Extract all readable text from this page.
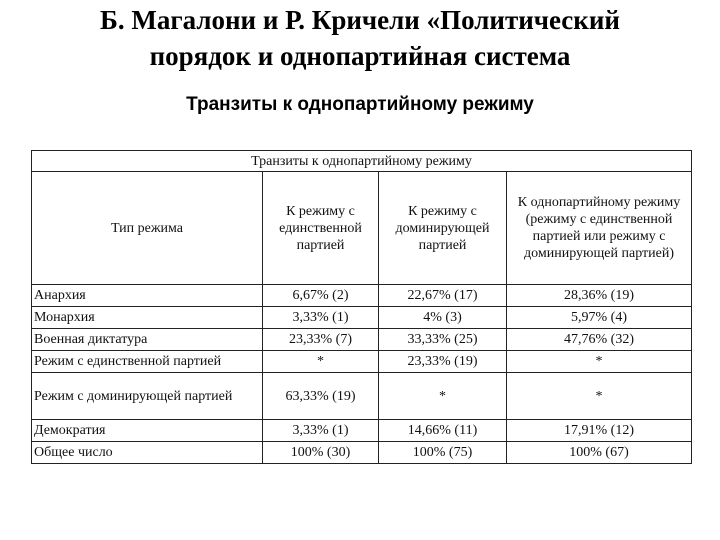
Б. Магалони и Р. Кричели «Политический
порядок и однопартийная система
Транзиты к однопартийному режиму
Транзиты к однопартийному режиму			
Тип режима	К режиму с единственной партией	К режиму с доминирующей партией	К однопартийному режиму (режиму с единственной партией или режиму с доминирующей партией)
Анархия	6,67% (2)	22,67% (17)	28,36% (19)
Монархия	3,33% (1)	4% (3)	5,97% (4)
Военная диктатура	23,33% (7)	33,33% (25)	47,76% (32)
Режим с единственной партией	*	23,33% (19)	*
Режим с доминирующей партией	63,33% (19)	*	*
Демократия	3,33% (1)	14,66% (11)	17,91% (12)
Общее число	100% (30)	100% (75)	100% (67)
